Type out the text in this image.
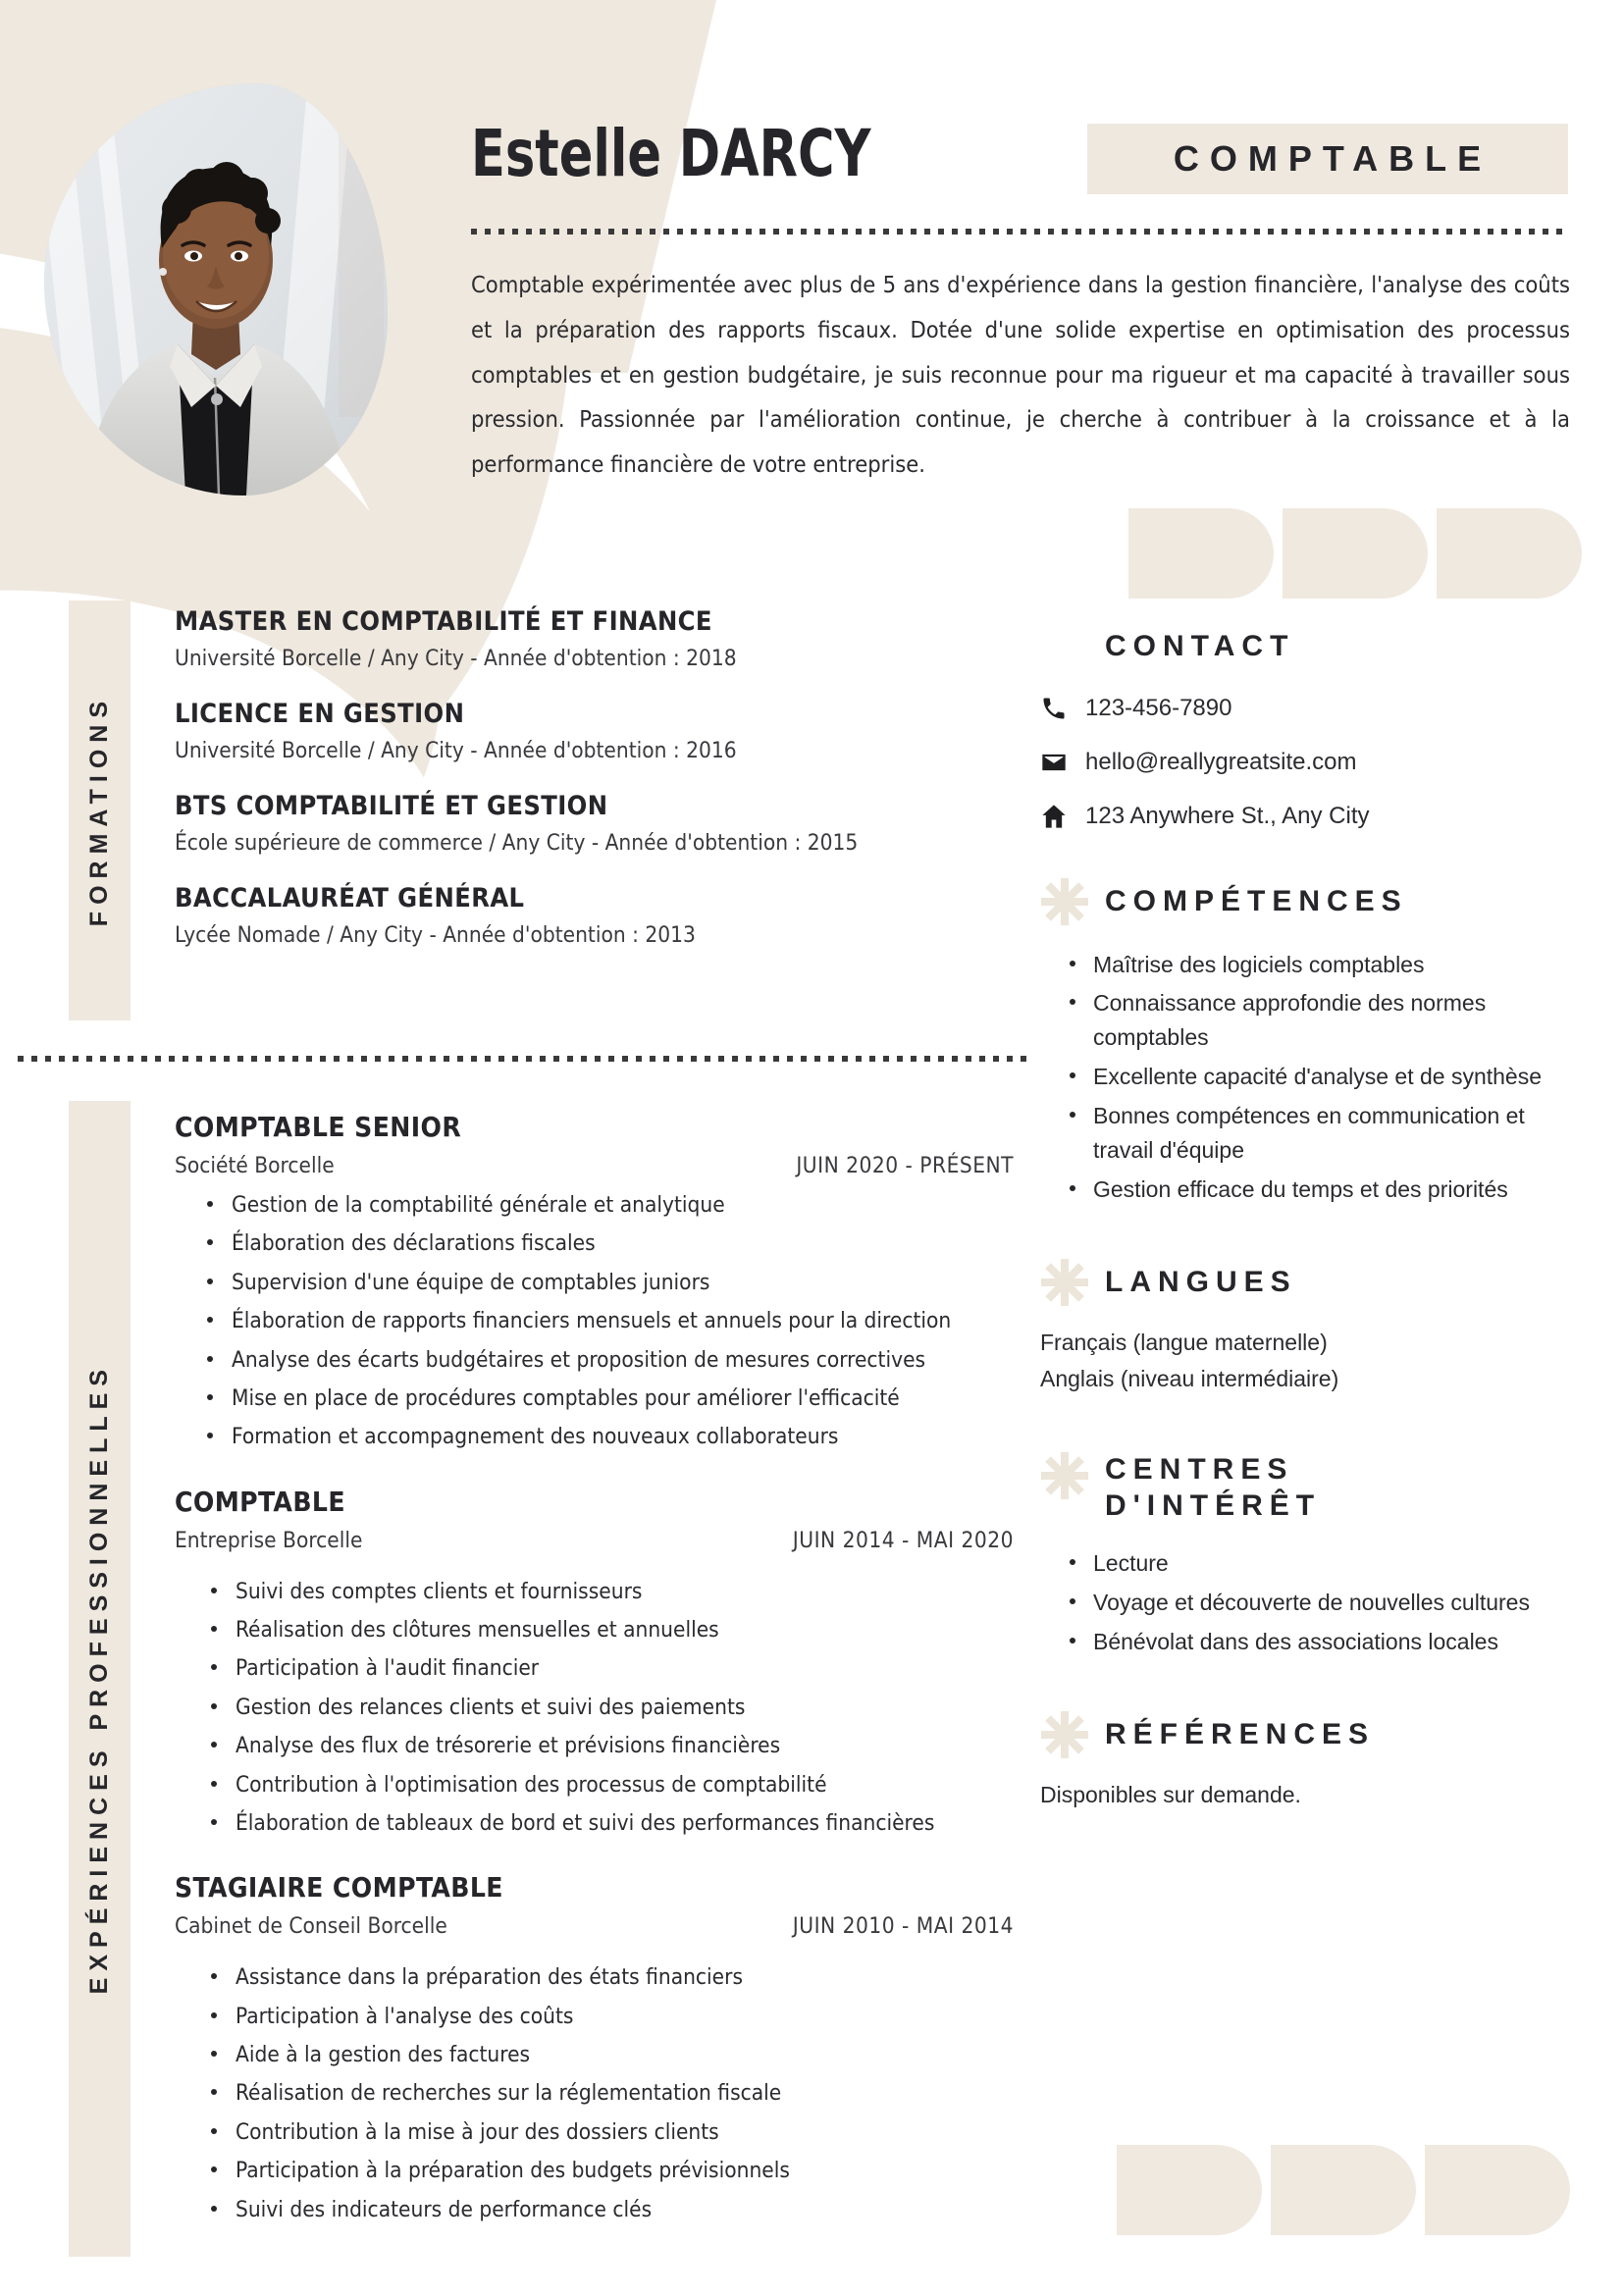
Estelle DARCY	COMPTABLE
Comptable expérimentée avec plus de 5 ans d'expérience dans la gestion financière, l'analyse des coûts et la préparation des rapports fiscaux. Dotée d'une solide expertise en optimisation des processus comptables et en gestion budgétaire, je suis reconnue pour ma rigueur et ma capacité à travailler sous pression. Passionnée par l'amélioration continue, je cherche à contribuer à la croissance et à la performance financière de votre entreprise.
FORMATIONS

MASTER EN COMPTABILITÉ ET FINANCE

Université Borcelle / Any City - Année d'obtention : 2018

LICENCE EN GESTION

Université Borcelle / Any City - Année d'obtention : 2016

BTS COMPTABILITÉ ET GESTION

École supérieure de commerce / Any City - Année d'obtention : 2015

BACCALAURÉAT GÉNÉRAL

Lycée Nomade / Any City - Année d'obtention : 2013

EXPÉRIENCES PROFESSIONNELLES

COMPTABLE SENIOR

Société Borcelle	JUIN 2020 - PRÉSENT
Gestion de la comptabilité générale et analytique
Élaboration des déclarations fiscales
Supervision d'une équipe de comptables juniors
Élaboration de rapports financiers mensuels et annuels pour la direction
Analyse des écarts budgétaires et proposition de mesures correctives
Mise en place de procédures comptables pour améliorer l'efficacité
Formation et accompagnement des nouveaux collaborateurs

COMPTABLE

Entreprise Borcelle	JUIN 2014 - MAI 2020
Suivi des comptes clients et fournisseurs
Réalisation des clôtures mensuelles et annuelles
Participation à l'audit financier
Gestion des relances clients et suivi des paiements
Analyse des flux de trésorerie et prévisions financières
Contribution à l'optimisation des processus de comptabilité
Élaboration de tableaux de bord et suivi des performances financières

STAGIAIRE COMPTABLE

Cabinet de Conseil Borcelle	JUIN 2010 - MAI 2014
Assistance dans la préparation des états financiers
Participation à l'analyse des coûts
Aide à la gestion des factures
Réalisation de recherches sur la réglementation fiscale
Contribution à la mise à jour des dossiers clients
Participation à la préparation des budgets prévisionnels
Suivi des indicateurs de performance clés
CONTACT
123-456-7890
hello@reallygreatsite.com
123 Anywhere St., Any City
COMPÉTENCES
Maîtrise des logiciels comptables
Connaissance approfondie des normes comptables
Excellente capacité d'analyse et de synthèse
Bonnes compétences en communication et travail d'équipe
Gestion efficace du temps et des priorités
LANGUES

Français (langue maternelle)

Anglais (niveau intermédiaire)

CENTRES
D'INTÉRÊT
Lecture
Voyage et découverte de nouvelles cultures
Bénévolat dans des associations locales
RÉFÉRENCES

Disponibles sur demande.
